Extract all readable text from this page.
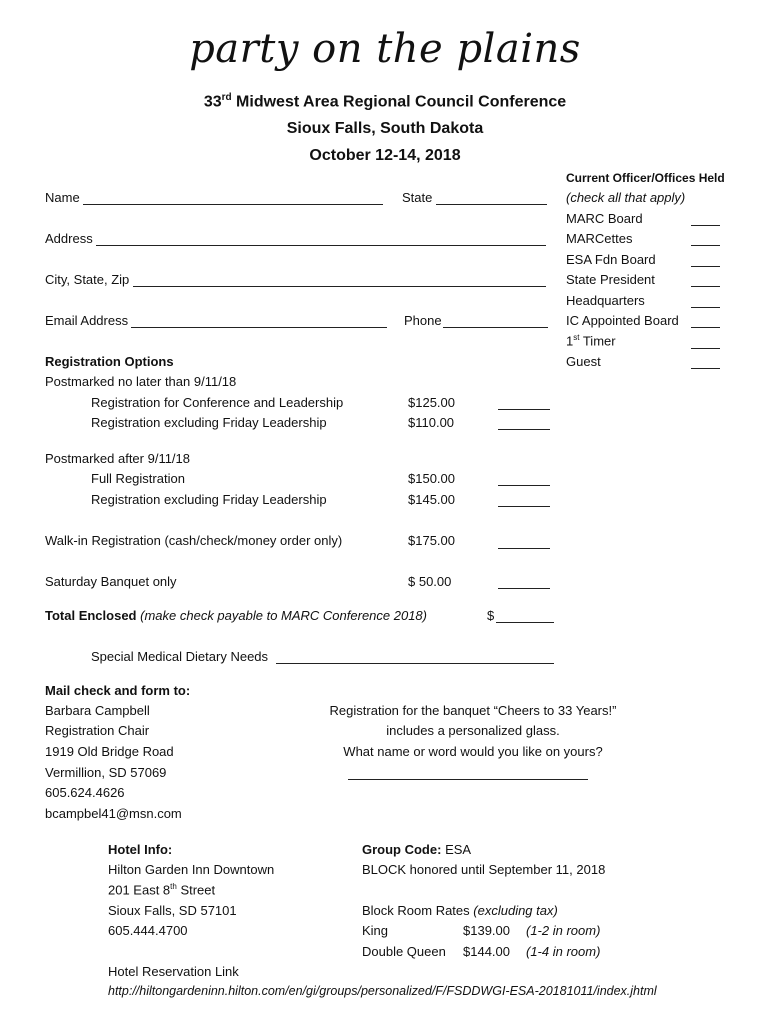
party on the plains
33rd Midwest Area Regional Council Conference
Sioux Falls, South Dakota
October 12-14, 2018
Name	State
Address
City, State, Zip
Email Address	Phone
Current Officer/Offices Held
(check all that apply)
MARC Board
MARCettes
ESA Fdn Board
State President
Headquarters
IC Appointed Board
1st Timer
Guest
Registration Options
Postmarked no later than 9/11/18
Registration for Conference and Leadership	$125.00
Registration excluding Friday Leadership	$110.00
Postmarked after 9/11/18
Full Registration	$150.00
Registration excluding Friday Leadership	$145.00
Walk-in Registration (cash/check/money order only)	$175.00
Saturday Banquet only	$ 50.00
Total Enclosed (make check payable to MARC Conference 2018)	$
Special Medical Dietary Needs
Mail check and form to:
Barbara Campbell
Registration Chair
1919 Old Bridge Road
Vermillion, SD 57069
605.624.4626
bcampbel41@msn.com
Registration for the banquet “Cheers to 33 Years!”
includes a personalized glass.
What name or word would you like on yours?
Hotel Info:
Hilton Garden Inn Downtown
201 East 8th Street
Sioux Falls, SD 57101
605.444.4700
Group Code: ESA
BLOCK honored until September 11, 2018
Block Room Rates (excluding tax)
King	$139.00 (1-2 in room)
Double Queen $144.00 (1-4 in room)
Hotel Reservation Link
http://hiltongardeninn.hilton.com/en/gi/groups/personalized/F/FSDDWGI-ESA-20181011/index.jhtml
